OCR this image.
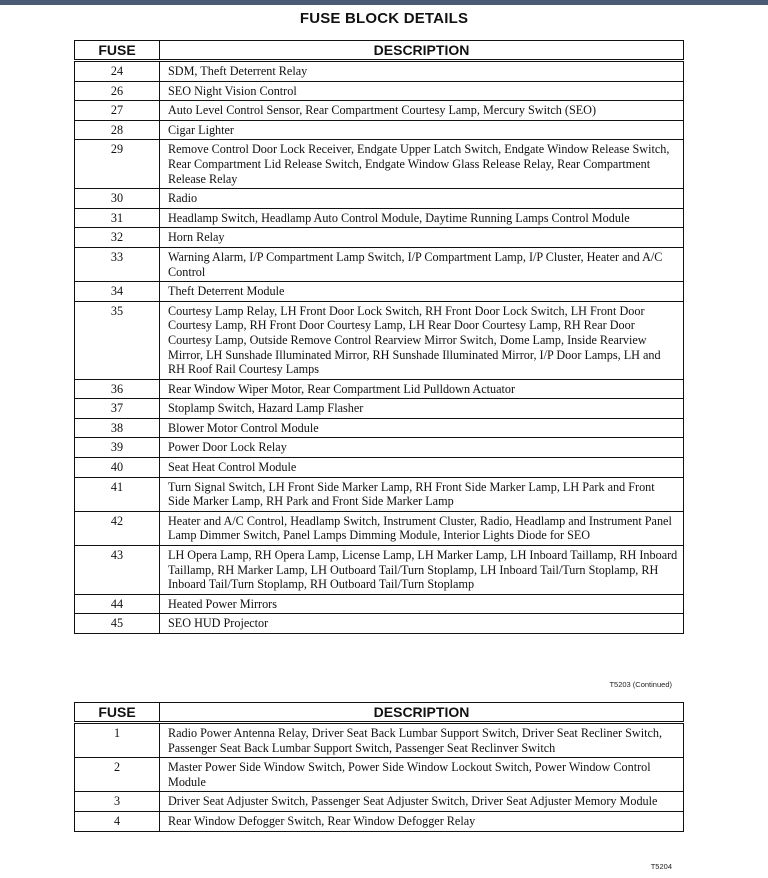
FUSE BLOCK DETAILS
FUSE	DESCRIPTION
24	SDM, Theft Deterrent Relay
26	SEO Night Vision Control
27	Auto Level Control Sensor, Rear Compartment Courtesy Lamp, Mercury Switch (SEO)
28	Cigar Lighter
29	Remove Control Door Lock Receiver, Endgate Upper Latch Switch, Endgate Window Release Switch, Rear Compartment Lid Release Switch, Endgate Window Glass Release Relay, Rear Compartment Release Relay
30	Radio
31	Headlamp Switch, Headlamp Auto Control Module, Daytime Running Lamps Control Module
32	Horn Relay
33	Warning Alarm, I/P Compartment Lamp Switch, I/P Compartment Lamp, I/P Cluster, Heater and A/C Control
34	Theft Deterrent Module
35	Courtesy Lamp Relay, LH Front Door Lock Switch, RH Front Door Lock Switch, LH Front Door Courtesy Lamp, RH Front Door Courtesy Lamp, LH Rear Door Courtesy Lamp, RH Rear Door Courtesy Lamp, Outside Remove Control Rearview Mirror Switch, Dome Lamp, Inside Rearview Mirror, LH Sunshade Illuminated Mirror, RH Sunshade Illuminated Mirror, I/P Door Lamps, LH and RH Roof Rail Courtesy Lamps
36	Rear Window Wiper Motor, Rear Compartment Lid Pulldown Actuator
37	Stoplamp Switch, Hazard Lamp Flasher
38	Blower Motor Control Module
39	Power Door Lock Relay
40	Seat Heat Control Module
41	Turn Signal Switch, LH Front Side Marker Lamp, RH Front Side Marker Lamp, LH Park and Front Side Marker Lamp, RH Park and Front Side Marker Lamp
42	Heater and A/C Control, Headlamp Switch, Instrument Cluster, Radio, Headlamp and Instrument Panel Lamp Dimmer Switch, Panel Lamps Dimming Module, Interior Lights Diode for SEO
43	LH Opera Lamp, RH Opera Lamp, License Lamp, LH Marker Lamp, LH Inboard Taillamp, RH Inboard Taillamp, RH Marker Lamp, LH Outboard Tail/Turn Stoplamp, LH Inboard Tail/Turn Stoplamp, RH Inboard Tail/Turn Stoplamp, RH Outboard Tail/Turn Stoplamp
44	Heated Power Mirrors
45	SEO HUD Projector
T5203 (Continued)
FUSE	DESCRIPTION
1	Radio Power Antenna Relay, Driver Seat Back Lumbar Support Switch, Driver Seat Recliner Switch, Passenger Seat Back Lumbar Support Switch, Passenger Seat Reclinver Switch
2	Master Power Side Window Switch, Power Side Window Lockout Switch, Power Window Control Module
3	Driver Seat Adjuster Switch, Passenger Seat Adjuster Switch, Driver Seat Adjuster Memory Module
4	Rear Window Defogger Switch, Rear Window Defogger Relay
T5204
